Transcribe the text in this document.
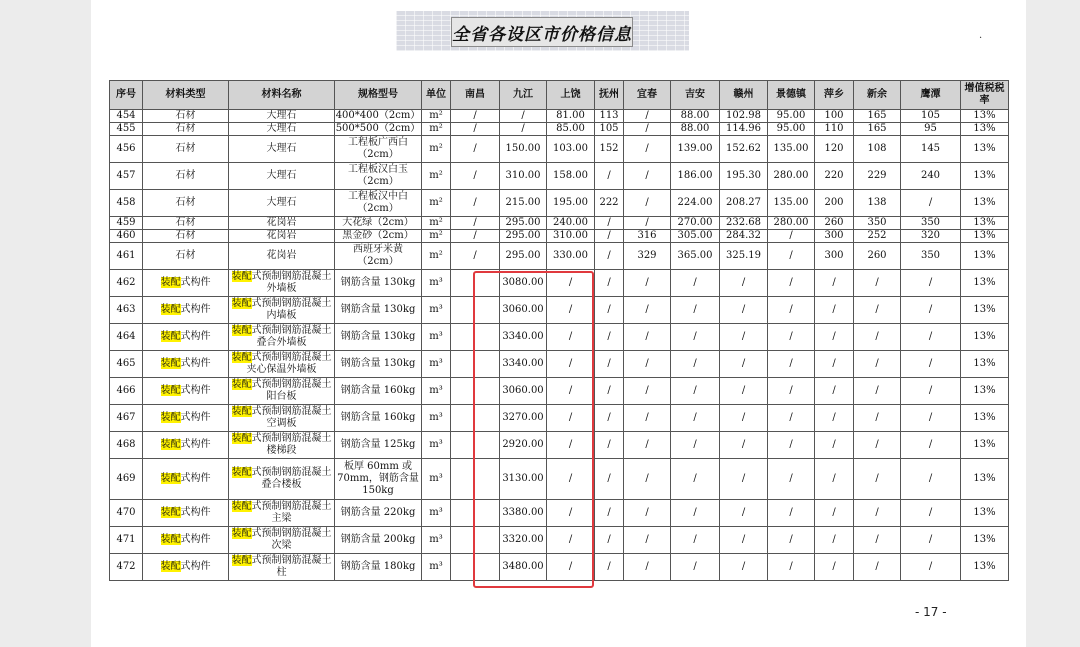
全省各设区市价格信息	.
序号	材料类型	材料名称	规格型号	单位	南昌	九江	上饶	抚州	宜春	吉安	赣州	景德镇	萍乡	新余	鹰潭	增值税税率
454	石材	大理石	400*400（2cm）	m²	/	/	81.00	113	/	88.00	102.98	95.00	100	165	105	13%
455	石材	大理石	500*500（2cm）	m²	/	/	85.00	105	/	88.00	114.96	95.00	110	165	95	13%
456	石材	大理石	工程板广西白（2cm）	m²	/	150.00	103.00	152	/	139.00	152.62	135.00	120	108	145	13%
457	石材	大理石	工程板汉白玉（2cm）	m²	/	310.00	158.00	/	/	186.00	195.30	280.00	220	229	240	13%
458	石材	大理石	工程板汉中白（2cm）	m²	/	215.00	195.00	222	/	224.00	208.27	135.00	200	138	/	13%
459	石材	花岗岩	大花绿（2cm）	m²	/	295.00	240.00	/	/	270.00	232.68	280.00	260	350	350	13%
460	石材	花岗岩	黑金砂（2cm）	m²	/	295.00	310.00	/	316	305.00	284.32	/	300	252	320	13%
461	石材	花岗岩	西班牙米黄（2cm）	m²	/	295.00	330.00	/	329	365.00	325.19	/	300	260	350	13%
462	装配式构件	装配式预制钢筋混凝土外墙板	钢筋含量 130kg	m³		3080.00	/	/	/	/	/	/	/	/	/	13%
463	装配式构件	装配式预制钢筋混凝土内墙板	钢筋含量 130kg	m³		3060.00	/	/	/	/	/	/	/	/	/	13%
464	装配式构件	装配式预制钢筋混凝土叠合外墙板	钢筋含量 130kg	m³		3340.00	/	/	/	/	/	/	/	/	/	13%
465	装配式构件	装配式预制钢筋混凝土夹心保温外墙板	钢筋含量 130kg	m³		3340.00	/	/	/	/	/	/	/	/	/	13%
466	装配式构件	装配式预制钢筋混凝土阳台板	钢筋含量 160kg	m³		3060.00	/	/	/	/	/	/	/	/	/	13%
467	装配式构件	装配式预制钢筋混凝土空调板	钢筋含量 160kg	m³		3270.00	/	/	/	/	/	/	/	/	/	13%
468	装配式构件	装配式预制钢筋混凝土楼梯段	钢筋含量 125kg	m³		2920.00	/	/	/	/	/	/	/	/	/	13%
469	装配式构件	装配式预制钢筋混凝土叠合楼板	板厚 60mm 或 70mm，钢筋含量 150kg	m³		3130.00	/	/	/	/	/	/	/	/	/	13%
470	装配式构件	装配式预制钢筋混凝土主梁	钢筋含量 220kg	m³		3380.00	/	/	/	/	/	/	/	/	/	13%
471	装配式构件	装配式预制钢筋混凝土次梁	钢筋含量 200kg	m³		3320.00	/	/	/	/	/	/	/	/	/	13%
472	装配式构件	装配式预制钢筋混凝土柱	钢筋含量 180kg	m³		3480.00	/	/	/	/	/	/	/	/	/	13%
- 17 -
